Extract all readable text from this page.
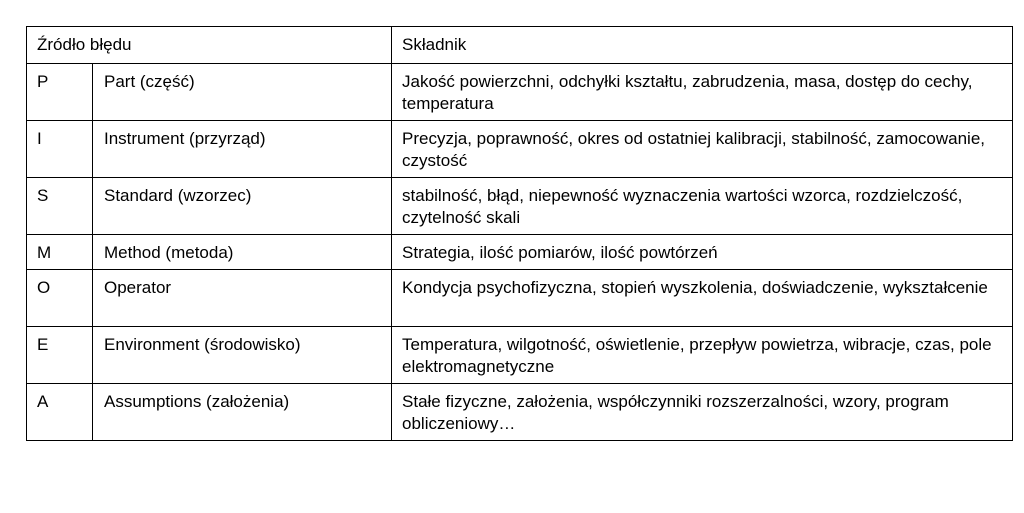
Źródło błędu		Składnik
P	Part (część)	Jakość powierzchni, odchyłki kształtu, zabrudzenia, masa, dostęp do cechy, temperatura
I	Instrument (przyrząd)	Precyzja, poprawność, okres od ostatniej kalibracji, stabilność, zamocowanie, czystość
S	Standard (wzorzec)	stabilność, błąd, niepewność wyznaczenia wartości wzorca, rozdzielczość, czytelność skali
M	Method (metoda)	Strategia, ilość pomiarów, ilość powtórzeń
O	Operator	Kondycja psychofizyczna, stopień wyszkolenia, doświadczenie, wykształcenie
E	Environment (środowisko)	Temperatura, wilgotność, oświetlenie, przepływ powietrza, wibracje, czas, pole elektromagnetyczne
A	Assumptions (założenia)	Stałe fizyczne, założenia, współczynniki rozszerzalności, wzory, program obliczeniowy…
